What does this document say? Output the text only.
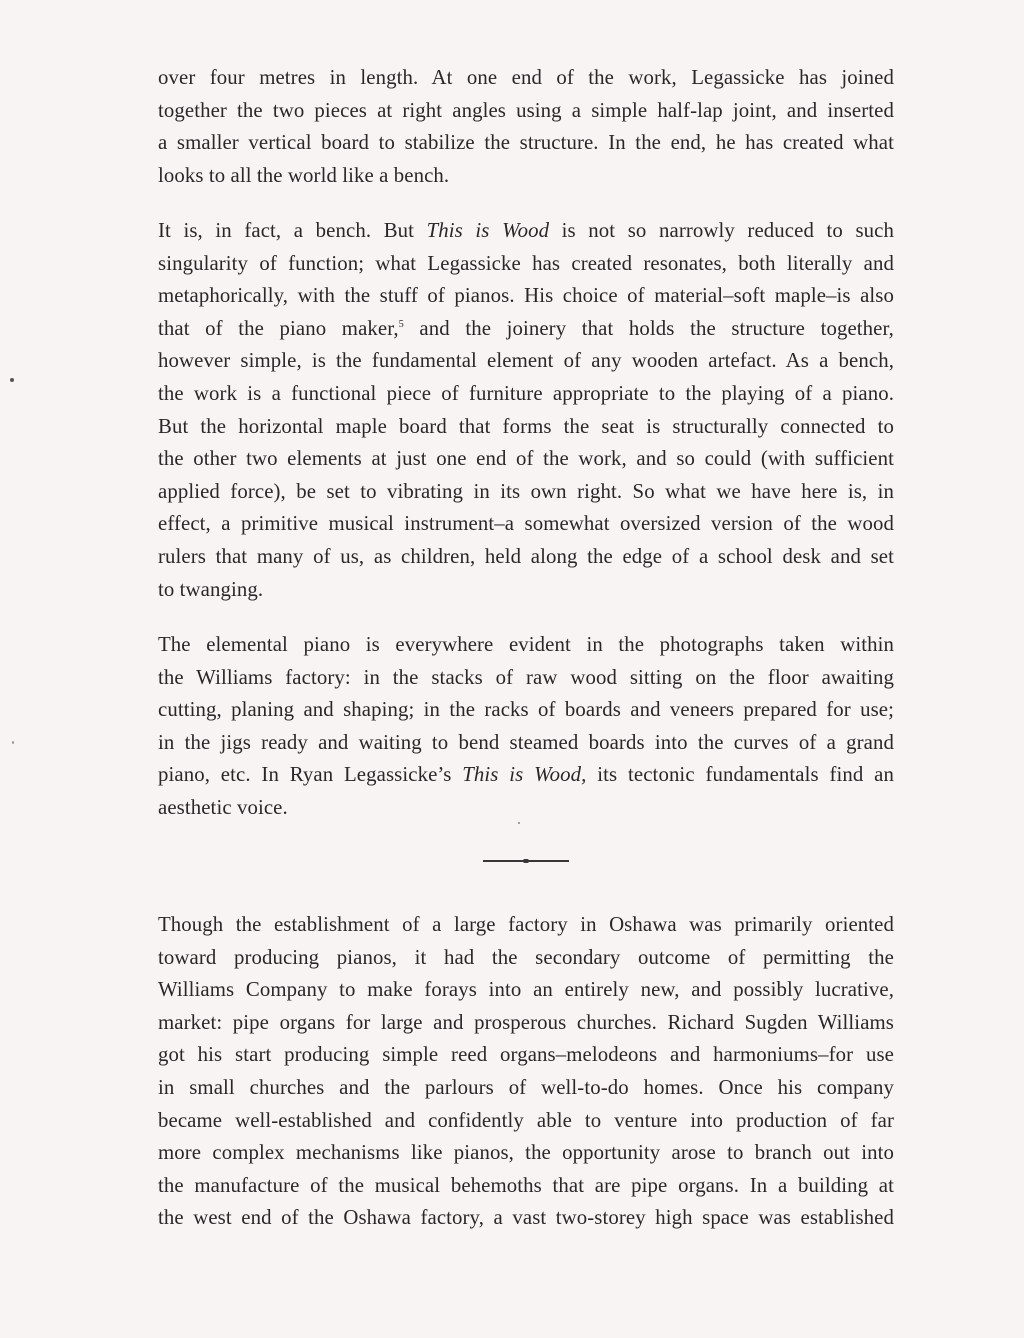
over four metres in length. At one end of the work, Legassicke has joined
together the two pieces at right angles using a simple half-lap joint, and inserted
a smaller vertical board to stabilize the structure. In the end, he has created what
looks to all the world like a bench.
It is, in fact, a bench. But This is Wood is not so narrowly reduced to such
singularity of function; what Legassicke has created resonates, both literally and
metaphorically, with the stuff of pianos. His choice of material–soft maple–is also
that of the piano maker,$^5$ and the joinery that holds the structure together,
however simple, is the fundamental element of any wooden artefact. As a bench,
the work is a functional piece of furniture appropriate to the playing of a piano.
But the horizontal maple board that forms the seat is structurally connected to
the other two elements at just one end of the work, and so could (with sufficient
applied force), be set to vibrating in its own right. So what we have here is, in
effect, a primitive musical instrument–a somewhat oversized version of the wood
rulers that many of us, as children, held along the edge of a school desk and set
to twanging.
The elemental piano is everywhere evident in the photographs taken within
the Williams factory: in the stacks of raw wood sitting on the floor awaiting
cutting, planing and shaping; in the racks of boards and veneers prepared for use;
in the jigs ready and waiting to bend steamed boards into the curves of a grand
piano, etc. In Ryan Legassicke’s This is Wood, its tectonic fundamentals find an
aesthetic voice.
Though the establishment of a large factory in Oshawa was primarily oriented
toward producing pianos, it had the secondary outcome of permitting the
Williams Company to make forays into an entirely new, and possibly lucrative,
market: pipe organs for large and prosperous churches. Richard Sugden Williams
got his start producing simple reed organs–melodeons and harmoniums–for use
in small churches and the parlours of well-to-do homes. Once his company
became well-established and confidently able to venture into production of far
more complex mechanisms like pianos, the opportunity arose to branch out into
the manufacture of the musical behemoths that are pipe organs. In a building at
the west end of the Oshawa factory, a vast two-storey high space was established
